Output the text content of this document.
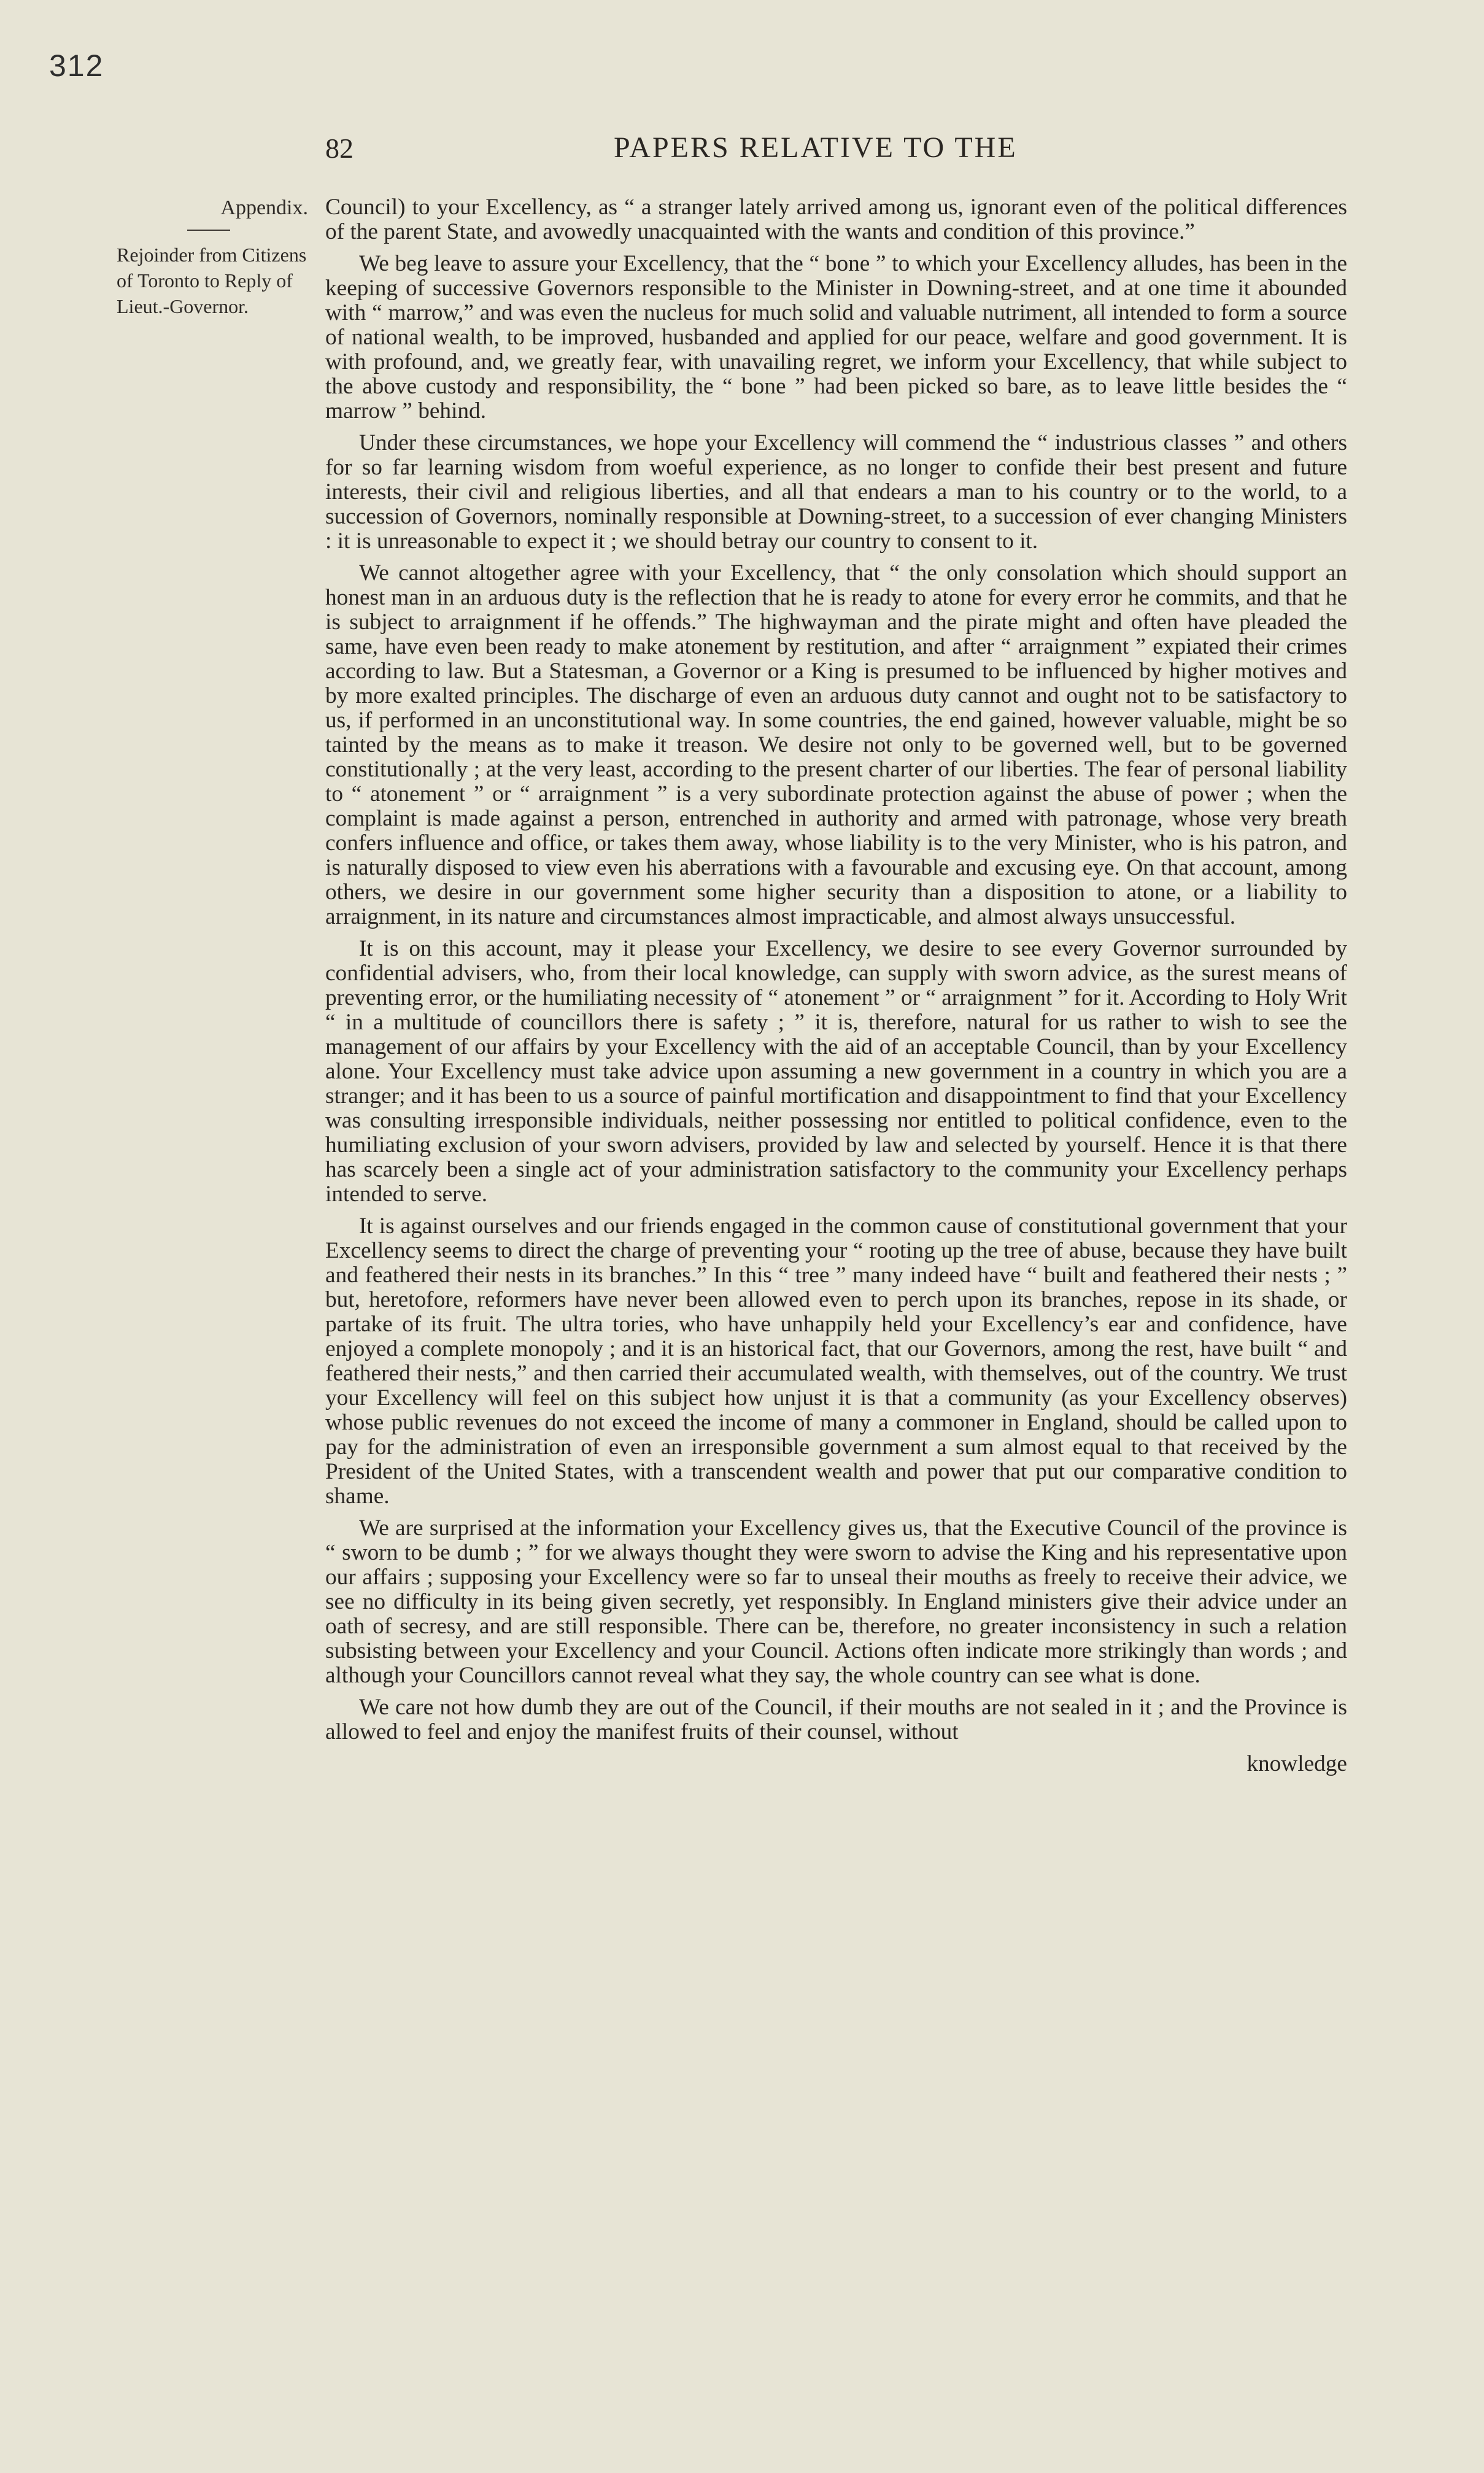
312
82	PAPERS RELATIVE TO THE
Appendix.
Rejoinder from Citizens of Toronto to Reply of Lieut.-Governor.

Council) to your Excellency, as “ a stranger lately arrived among us, ignorant even of the political differences of the parent State, and avowedly unacquainted with the wants and condition of this province.”

We beg leave to assure your Excellency, that the “ bone ” to which your Excellency alludes, has been in the keeping of successive Governors responsible to the Minister in Downing-street, and at one time it abounded with “ marrow,” and was even the nucleus for much solid and valuable nutriment, all intended to form a source of national wealth, to be improved, husbanded and applied for our peace, welfare and good government. It is with profound, and, we greatly fear, with unavailing regret, we inform your Excellency, that while subject to the above custody and responsibility, the “ bone ” had been picked so bare, as to leave little besides the “ marrow ” behind.

Under these circumstances, we hope your Excellency will commend the “ industrious classes ” and others for so far learning wisdom from woeful experience, as no longer to confide their best present and future interests, their civil and religious liberties, and all that endears a man to his country or to the world, to a succession of Governors, nominally responsible at Downing-street, to a succession of ever changing Ministers : it is unreasonable to expect it ; we should betray our country to consent to it.

We cannot altogether agree with your Excellency, that “ the only consolation which should support an honest man in an arduous duty is the reflection that he is ready to atone for every error he commits, and that he is subject to arraignment if he offends.” The highwayman and the pirate might and often have pleaded the same, have even been ready to make atonement by restitution, and after “ arraignment ” expiated their crimes according to law. But a Statesman, a Governor or a King is presumed to be influenced by higher motives and by more exalted principles. The discharge of even an arduous duty cannot and ought not to be satisfactory to us, if performed in an unconstitutional way. In some countries, the end gained, however valuable, might be so tainted by the means as to make it treason. We desire not only to be governed well, but to be governed constitutionally ; at the very least, according to the present charter of our liberties. The fear of personal liability to “ atonement ” or “ arraignment ” is a very subordinate protection against the abuse of power ; when the complaint is made against a person, entrenched in authority and armed with patronage, whose very breath confers influence and office, or takes them away, whose liability is to the very Minister, who is his patron, and is naturally disposed to view even his aberrations with a favourable and excusing eye. On that account, among others, we desire in our government some higher security than a disposition to atone, or a liability to arraignment, in its nature and circumstances almost impracticable, and almost always unsuccessful.

It is on this account, may it please your Excellency, we desire to see every Governor surrounded by confidential advisers, who, from their local knowledge, can supply with sworn advice, as the surest means of preventing error, or the humiliating necessity of “ atonement ” or “ arraignment ” for it. According to Holy Writ “ in a multitude of councillors there is safety ; ” it is, therefore, natural for us rather to wish to see the management of our affairs by your Excellency with the aid of an acceptable Council, than by your Excellency alone. Your Excellency must take advice upon assuming a new government in a country in which you are a stranger; and it has been to us a source of painful mortification and disappointment to find that your Excellency was consulting irresponsible individuals, neither possessing nor entitled to political confidence, even to the humiliating exclusion of your sworn advisers, provided by law and selected by yourself. Hence it is that there has scarcely been a single act of your administration satisfactory to the community your Excellency perhaps intended to serve.

It is against ourselves and our friends engaged in the common cause of constitutional government that your Excellency seems to direct the charge of preventing your “ rooting up the tree of abuse, because they have built and feathered their nests in its branches.” In this “ tree ” many indeed have “ built and feathered their nests ; ” but, heretofore, reformers have never been allowed even to perch upon its branches, repose in its shade, or partake of its fruit. The ultra tories, who have unhappily held your Excellency’s ear and confidence, have enjoyed a complete monopoly ; and it is an historical fact, that our Governors, among the rest, have built “ and feathered their nests,” and then carried their accumulated wealth, with themselves, out of the country. We trust your Excellency will feel on this subject how unjust it is that a community (as your Excellency observes) whose public revenues do not exceed the income of many a commoner in England, should be called upon to pay for the administration of even an irresponsible government a sum almost equal to that received by the President of the United States, with a transcendent wealth and power that put our comparative condition to shame.

We are surprised at the information your Excellency gives us, that the Executive Council of the province is “ sworn to be dumb ; ” for we always thought they were sworn to advise the King and his representative upon our affairs ; supposing your Excellency were so far to unseal their mouths as freely to receive their advice, we see no difficulty in its being given secretly, yet responsibly. In England ministers give their advice under an oath of secresy, and are still responsible. There can be, therefore, no greater inconsistency in such a relation subsisting between your Excellency and your Council. Actions often indicate more strikingly than words ; and although your Councillors cannot reveal what they say, the whole country can see what is done.

We care not how dumb they are out of the Council, if their mouths are not sealed in it ; and the Province is allowed to feel and enjoy the manifest fruits of their counsel, without

knowledge
